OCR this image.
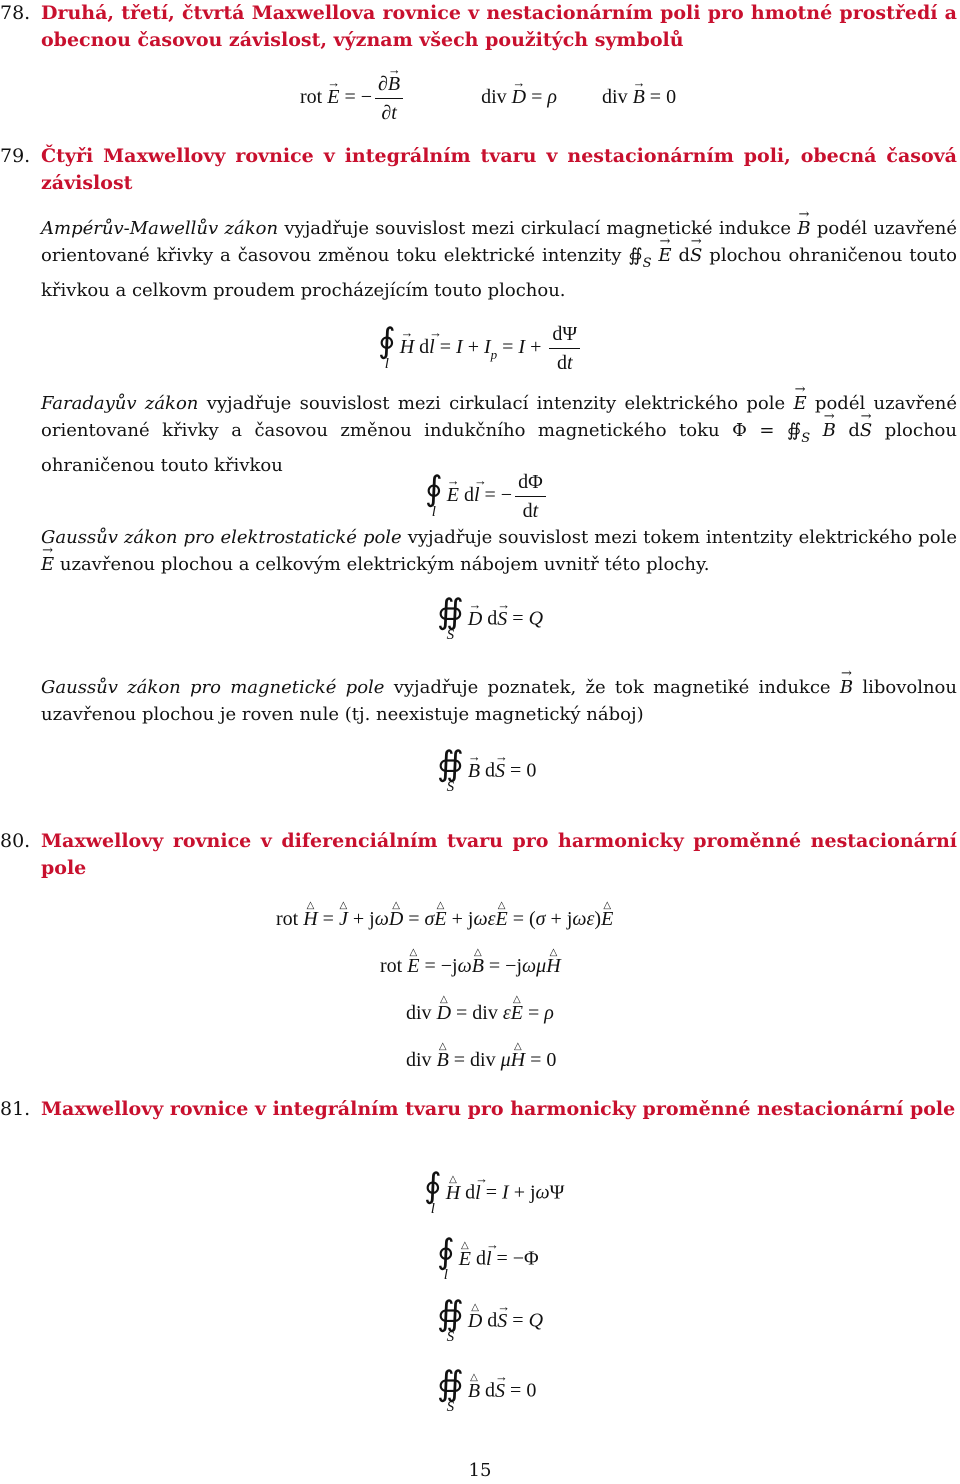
78. Druhá, třetí, čtvrtá Maxwellova rovnice v nestacionárním poli pro hmotné prostředí a obecnou časovou závislost, význam všech použitých symbolů
rot E → = − $\frac{\partial B \to}{\partial t}$	div D → = ρ div B → = 0
79. Čtyři Maxwellovy rovnice v integrálním tvaru v nestacionárním poli, obecná časová závislost
Ampérův-Mawellův zákon vyjadřuje souvislost mezi cirkulací magnetické indukce B → podél uzavřené orientované křivky a časovou změnou toku elektrické intenzity $∯_S$ E → dS → plochou ohraničenou touto křivkou a celkovm proudem procházejícím touto plochou.
∮
l
H → dl → = $I + I_p = I + \frac{d\Psi}{dt}$
Faradayův zákon vyjadřuje souvislost mezi cirkulací intenzity elektrického pole E → podél uzavřené orientované křivky a časovou změnou indukčního magnetického toku $\Phi = ∯_S$ B → dS → plochou ohraničenou touto křivkou
∮
l
E → dl → = − $\frac{d\Phi}{dt}$
Gaussův zákon pro elektrostatické pole vyjadřuje souvislost mezi tokem intentzity elektrického pole E → uzavřenou plochou a celkovým elektrickým nábojem uvnitř této plochy.
∯
S
D → dS → = Q
Gaussův zákon pro magnetické pole vyjadřuje poznatek, že tok magnetiké indukce B → libovolnou uzavřenou plochou je roven nule (tj. neexistuje magnetický náboj)
∯
S
B → dS → = 0
80. Maxwellovy rovnice v diferenciálním tvaru pro harmonicky proměnné nestacionární pole
rot H △ = J △ + jωD △ = σE △ + jωεE △ = (σ + jωε)E △
rot E △ = −jωB △ = −jωμH △
div D △ = div εE △ = ρ
div B △ = div μH △ = 0
81. Maxwellovy rovnice v integrálním tvaru pro harmonicky proměnné nestacionární pole
∮
l
H △ dl → = I + jωΨ
∮
l
E △ dl → = −Φ
∯
S
D △ dS → = Q
∯
S
B △ dS → = 0
15
